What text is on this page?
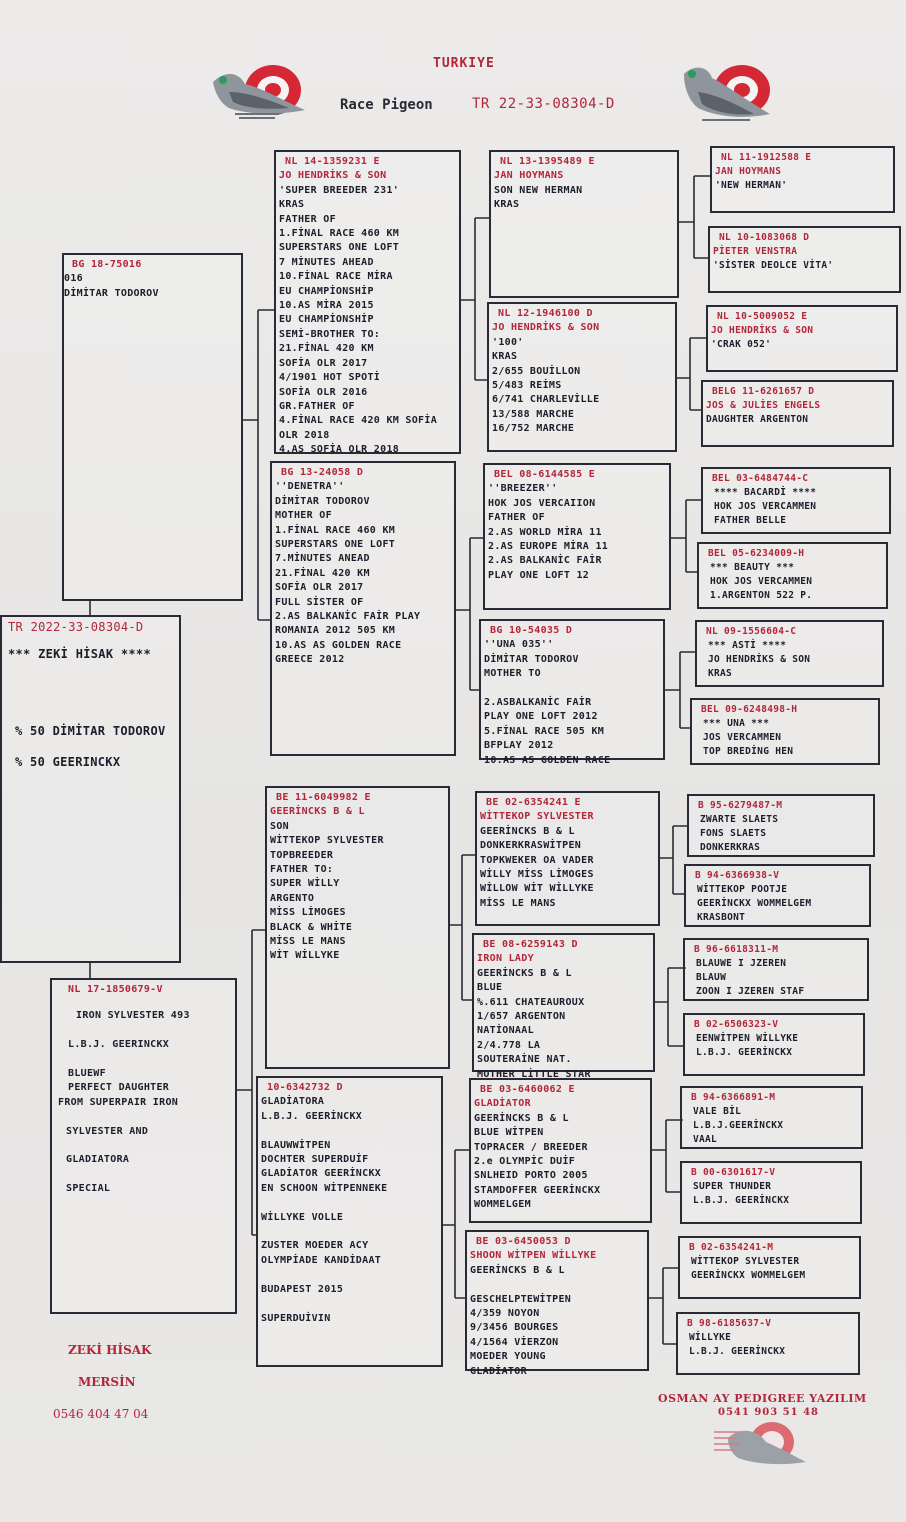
TURKIYE
Race Pigeon	TR 22-33-08304-D
TR 2022-33-08304-D
*** ZEKİ HİSAK ****
% 50 DİMİTAR TODOROV
% 50 GEERINCKX
BG 18-75016
016
DİMİTAR TODOROV
NL 17-1850679-V
IRON SYLVESTER 493

L.B.J. GEERINCKX

BLUEWF
PERFECT DAUGHTER
FROM SUPERPAIR IRON

SYLVESTER AND

GLADIATORA

SPECIAL
NL 14-1359231 E
JO HENDRİKS & SON
'SUPER BREEDER 231'
KRAS
FATHER OF
1.FİNAL RACE 460 KM
SUPERSTARS ONE LOFT
7 MİNUTES AHEAD
10.FİNAL RACE MİRA
EU CHAMPİONSHİP
10.AS MİRA 2015
EU CHAMPİONSHİP
SEMİ-BROTHER TO:
21.FİNAL 420 KM
SOFİA OLR 2017
4/1901 HOT SPOTİ
SOFİA OLR 2016
GR.FATHER OF
4.FİNAL RACE 420 KM SOFİA
OLR 2018
4.AS SOFİA OLR 2018
BG 13-24058 D
''DENETRA''
DİMİTAR TODOROV
MOTHER OF
1.FİNAL RACE 460 KM
SUPERSTARS ONE LOFT
7.MİNUTES ANEAD
21.FİNAL 420 KM
SOFİA OLR 2017
FULL SİSTER OF
2.AS BALKANİC FAİR PLAY
ROMANIA 2012 505 KM
10.AS AS GOLDEN RACE
GREECE 2012
BE 11-6049982 E
GEERİNCKS B & L
SON
WİTTEKOP SYLVESTER
TOPBREEDER
FATHER TO:
SUPER WİLLY
ARGENTO
MİSS LİMOGES
BLACK & WHİTE
MİSS LE MANS
WİT WİLLYKE
10-6342732 D
GLADİATORA
L.B.J. GEERİNCKX

BLAUWWİTPEN
DOCHTER SUPERDUİF
GLADİATOR GEERİNCKX
EN SCHOON WİTPENNEKE

WİLLYKE VOLLE

ZUSTER MOEDER ACY
OLYMPİADE KANDİDAAT

BUDAPEST 2015

SUPERDUİVIN
NL 13-1395489 E
JAN HOYMANS
SON NEW HERMAN
KRAS
NL 12-1946100 D
JO HENDRİKS & SON
'100'
KRAS
2/655 BOUİLLON
5/483 REİMS
6/741 CHARLEVİLLE
13/588 MARCHE
16/752 MARCHE
BEL 08-6144585 E
''BREEZER''
HOK JOS VERCAIION
FATHER OF
2.AS WORLD MİRA 11
2.AS EUROPE MİRA 11
2.AS BALKANİC FAİR
PLAY ONE LOFT 12
BG 10-54035 D
''UNA 035''
DİMİTAR TODOROV
MOTHER TO

2.ASBALKANİC FAİR
PLAY ONE LOFT 2012
5.FİNAL RACE 505 KM
BFPLAY 2012
10.AS AS GOLDEN RACE
BE 02-6354241 E
WİTTEKOP SYLVESTER
GEERİNCKS B & L
DONKERKRASWİTPEN
TOPKWEKER OA VADER
WİLLY MİSS LİMOGES
WİLLOW WİT WİLLYKE
MİSS LE MANS
BE 08-6259143 D
IRON LADY
GEERİNCKS B & L
BLUE
%.611 CHATEAUROUX
1/657 ARGENTON
NATİONAAL
2/4.778 LA
SOUTERAİNE NAT.
MOTHER LİTTLE STAR
BE 03-6460062 E
GLADİATOR
GEERİNCKS B & L
BLUE WİTPEN
TOPRACER / BREEDER
2.e OLYMPİC DUİF
SNLHEID PORTO 2005
STAMDOFFER GEERİNCKX
WOMMELGEM
BE 03-6450053 D
SHOON WİTPEN WİLLYKE
GEERİNCKS B & L

GESCHELPTEWİTPEN
4/359 NOYON
9/3456 BOURGES
4/1564 VİERZON
MOEDER YOUNG
GLADİATOR
NL 11-1912588 E
JAN HOYMANS
'NEW HERMAN'
NL 10-1083068 D
PİETER VENSTRA
'SİSTER DEOLCE VİTA'
NL 10-5009052 E
JO HENDRİKS & SON
'CRAK 052'
BELG 11-6261657 D
JOS & JULİES ENGELS
DAUGHTER ARGENTON
BEL 03-6484744-C
**** BACARDİ ****
HOK JOS VERCAMMEN
FATHER BELLE
BEL 05-6234009-H
*** BEAUTY ***
HOK JOS VERCAMMEN
1.ARGENTON 522 P.
NL 09-1556604-C
*** ASTİ ****
JO HENDRİKS & SON
KRAS
BEL 09-6248498-H
*** UNA ***
JOS VERCAMMEN
TOP BREDİNG HEN
B 95-6279487-M
ZWARTE SLAETS
FONS SLAETS
DONKERKRAS
B 94-6366938-V
WİTTEKOP POOTJE
GEERİNCKX WOMMELGEM
KRASBONT
B 96-6618311-M
BLAUWE I JZEREN
BLAUW
ZOON I JZEREN STAF
B 02-6506323-V
EENWİTPEN WİLLYKE
L.B.J. GEERİNCKX
B 94-6366891-M
VALE BİL
L.B.J.GEERİNCKX
VAAL
B 00-6301617-V
SUPER THUNDER
L.B.J. GEERİNCKX
B 02-6354241-M
WİTTEKOP SYLVESTER
GEERİNCKX WOMMELGEM
B 98-6185637-V
WİLLYKE
L.B.J. GEERİNCKX
ZEKİ HİSAK
MERSİN
0546 404 47 04
OSMAN AY PEDIGREE YAZILIM
0541 903 51 48
